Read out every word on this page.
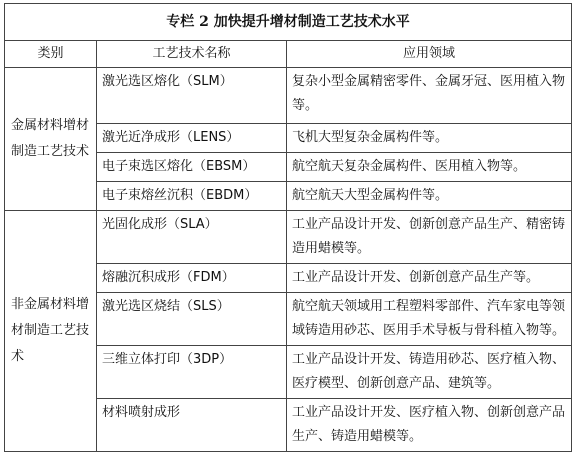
专栏 2 加快提升增材制造工艺技术水平		
类别	工艺技术名称	应用领域
金属材料增材制造工艺技术	激光选区熔化（SLM）	复杂小型金属精密零件、金属牙冠、医用植入物等。
	激光近净成形（LENS）	飞机大型复杂金属构件等。
	电子束选区熔化（EBSM）	航空航天复杂金属构件、医用植入物等。
	电子束熔丝沉积（EBDM）	航空航天大型金属构件等。
非金属材料增材制造工艺技术	光固化成形（SLA）	工业产品设计开发、创新创意产品生产、精密铸造用蜡模等。
	熔融沉积成形（FDM）	工业产品设计开发、创新创意产品生产等。
	激光选区烧结（SLS）	航空航天领域用工程塑料零部件、汽车家电等领域铸造用砂芯、医用手术导板与骨科植入物等。
	三维立体打印（3DP）	工业产品设计开发、铸造用砂芯、医疗植入物、医疗模型、创新创意产品、建筑等。
	材料喷射成形	工业产品设计开发、医疗植入物、创新创意产品生产、铸造用蜡模等。
